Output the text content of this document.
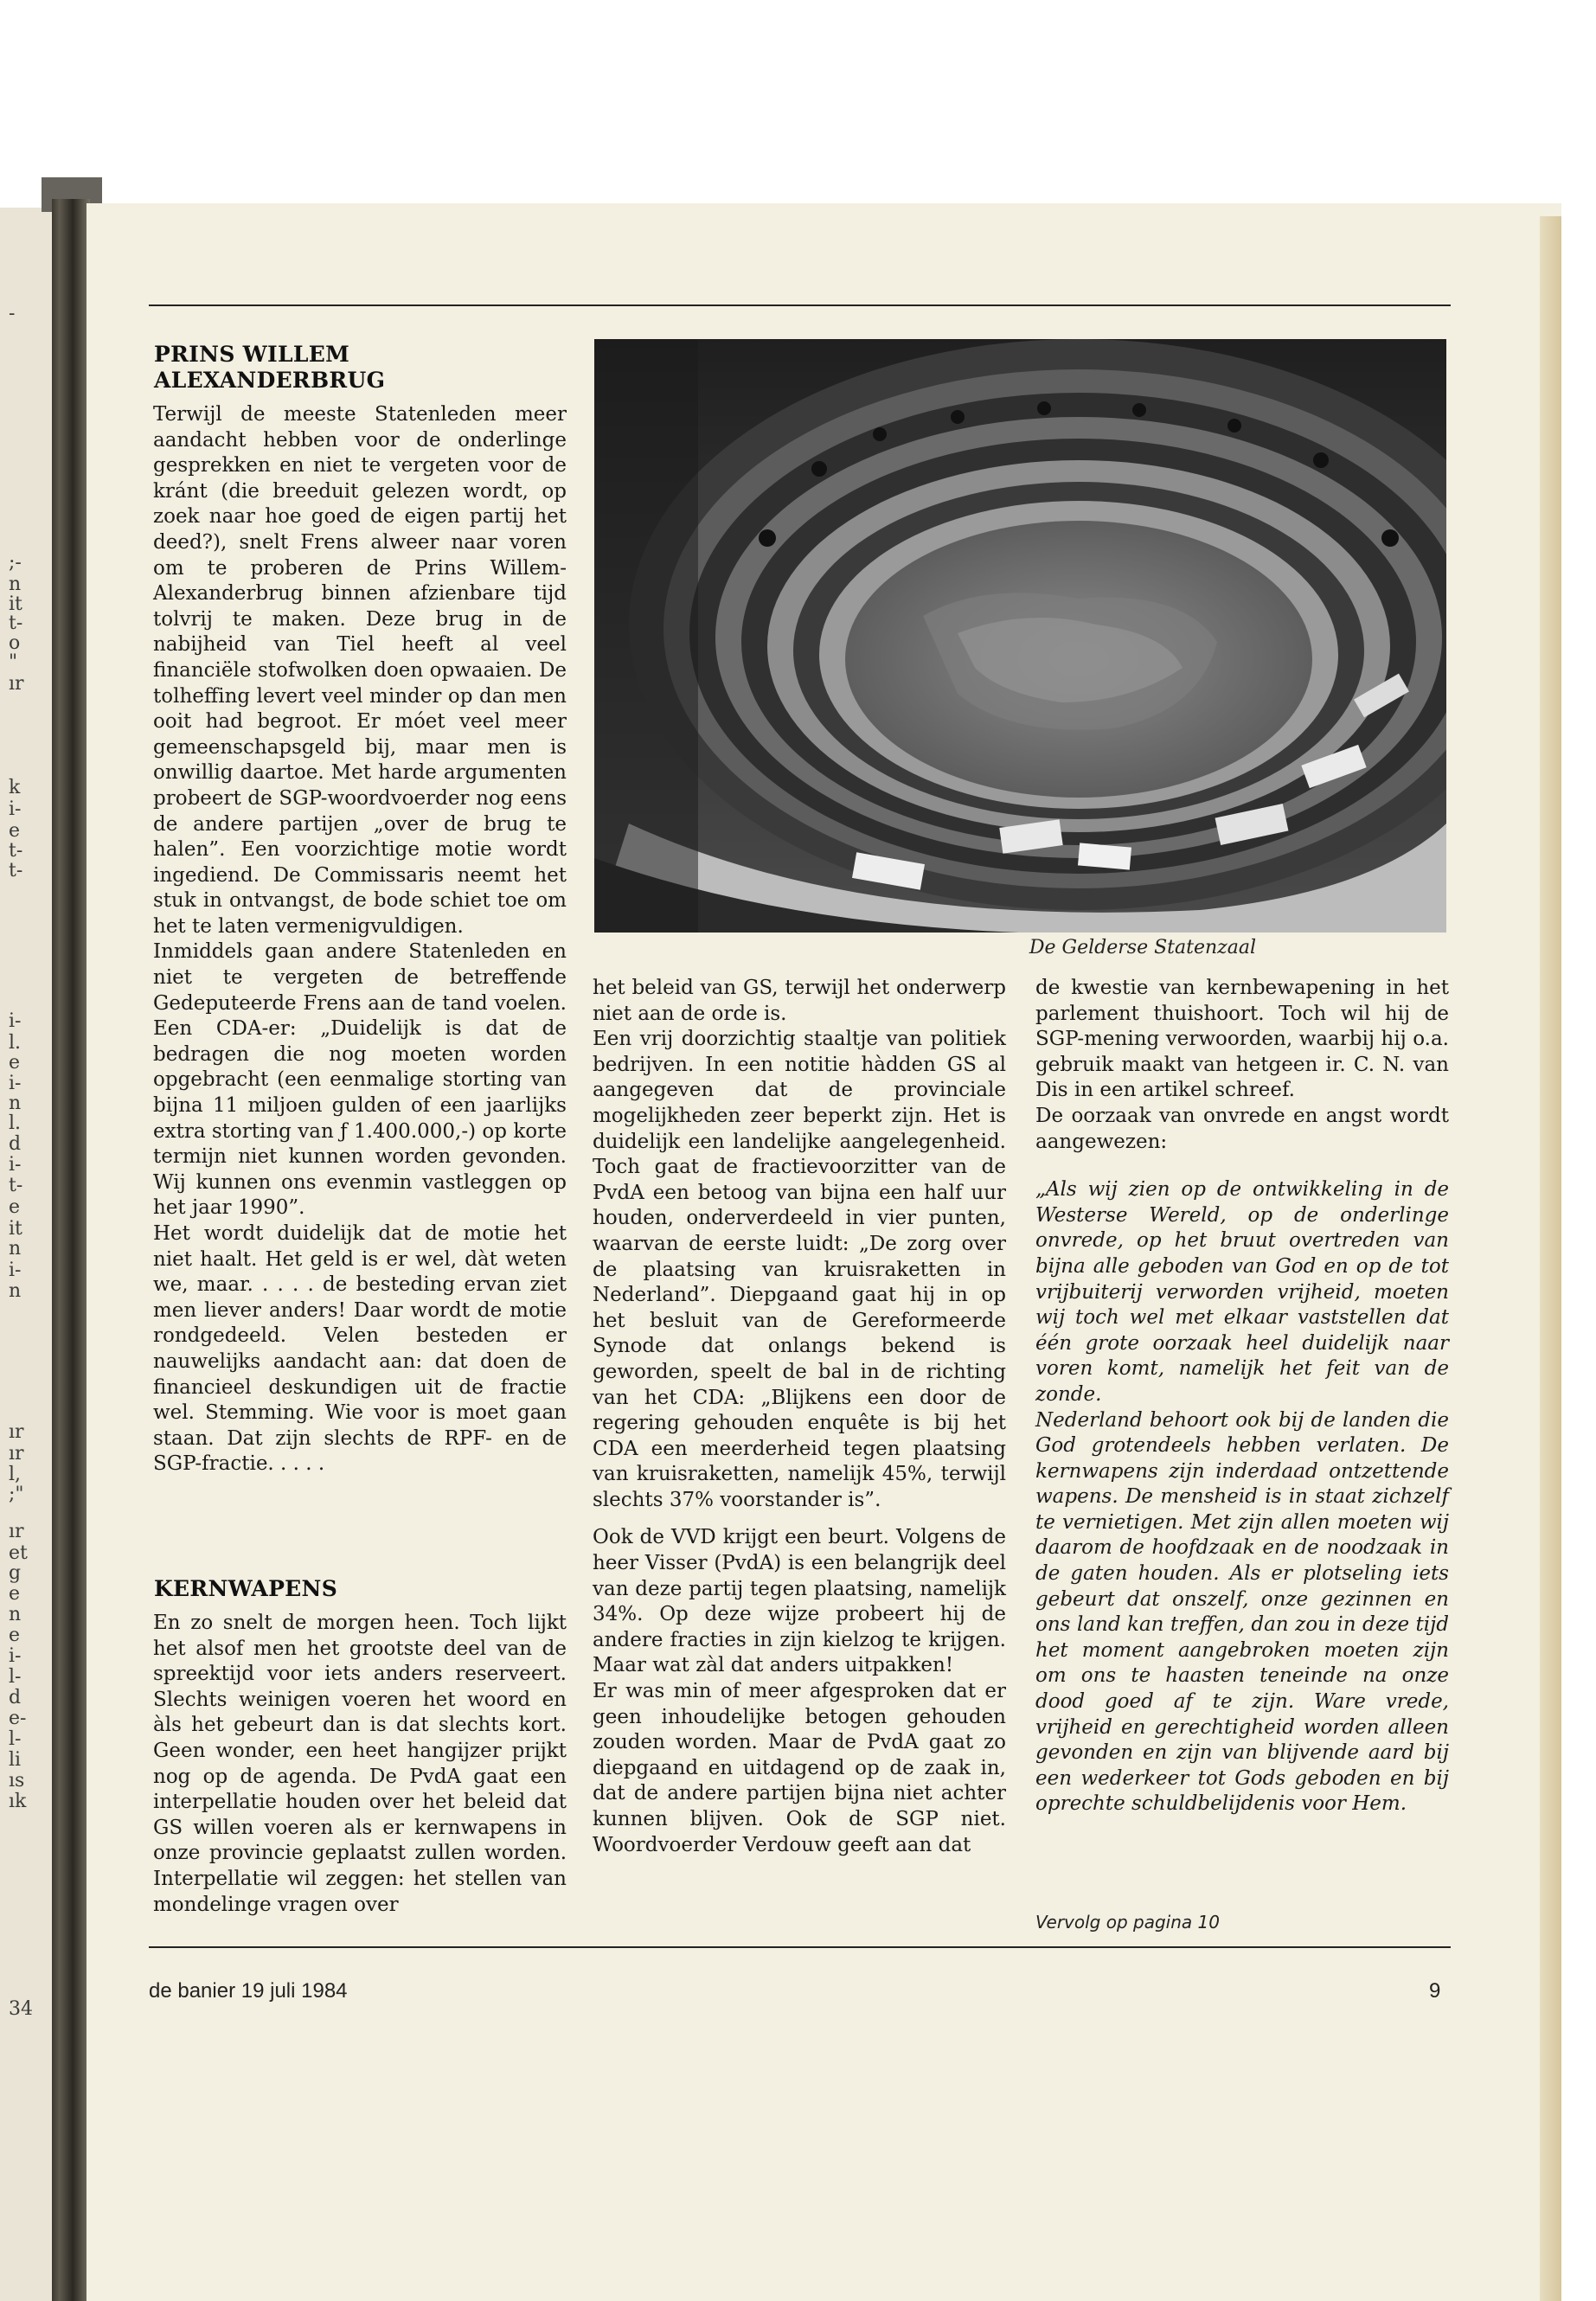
-
;-
n
it
t-
o
"
ır
k
i-
e
t-
t-
i-
l.
e
i-
n
l.
d
i-
t-
e
it
n
i-
n
ır
ır
l,
;"
ır
et
g
e
n
e
i-
l-
d
e-
l-
li
ıs
ık
34
PRINS WILLEM
ALEXANDERBRUG

Terwijl de meeste Statenleden meer aandacht hebben voor de onderlinge gesprekken en niet te vergeten voor de kránt (die breeduit gelezen wordt, op zoek naar hoe goed de eigen partij het deed?), snelt Frens alweer naar voren om te proberen de Prins Willem-Alexanderbrug binnen afzienbare tijd tolvrij te maken. Deze brug in de nabijheid van Tiel heeft al veel financiële stofwolken doen opwaaien. De tolheffing levert veel minder op dan men ooit had begroot. Er móet veel meer gemeenschapsgeld bij, maar men is onwillig daartoe. Met harde argumenten probeert de SGP-woordvoerder nog eens de andere partijen „over de brug te halen”. Een voorzichtige motie wordt ingediend. De Commissaris neemt het stuk in ontvangst, de bode schiet toe om het te laten vermenigvuldigen.

Inmiddels gaan andere Statenleden en niet te vergeten de betreffende Gedeputeerde Frens aan de tand voelen. Een CDA-er: „Duidelijk is dat de bedragen die nog moeten worden opgebracht (een eenmalige storting van bijna 11 miljoen gulden of een jaarlijks extra storting van ƒ 1.400.000,-) op korte termijn niet kunnen worden gevonden. Wij kunnen ons evenmin vastleggen op het jaar 1990”.

Het wordt duidelijk dat de motie het niet haalt. Het geld is er wel, dàt weten we, maar. . . . . de besteding ervan ziet men liever anders! Daar wordt de motie rondgedeeld. Velen besteden er nauwelijks aandacht aan: dat doen de financieel deskundigen uit de fractie wel. Stemming. Wie voor is moet gaan staan. Dat zijn slechts de RPF- en de SGP-fractie. . . . .

KERNWAPENS

En zo snelt de morgen heen. Toch lijkt het alsof men het grootste deel van de spreektijd voor iets anders reserveert. Slechts weinigen voeren het woord en àls het gebeurt dan is dat slechts kort. Geen wonder, een heet hangijzer prijkt nog op de agenda. De PvdA gaat een interpellatie houden over het beleid dat GS willen voeren als er kernwapens in onze provincie geplaatst zullen worden. Interpellatie wil zeggen: het stellen van mondelinge vragen over

De Gelderse Statenzaal

het beleid van GS, terwijl het onderwerp niet aan de orde is.

Een vrij doorzichtig staaltje van politiek bedrijven. In een notitie hàdden GS al aangegeven dat de provinciale mogelijkheden zeer beperkt zijn. Het is duidelijk een landelijke aangelegenheid. Toch gaat de fractievoorzitter van de PvdA een betoog van bijna een half uur houden, onderverdeeld in vier punten, waarvan de eerste luidt: „De zorg over de plaatsing van kruisraketten in Nederland”. Diepgaand gaat hij in op het besluit van de Gereformeerde Synode dat onlangs bekend is geworden, speelt de bal in de richting van het CDA: „Blijkens een door de regering gehouden enquête is bij het CDA een meerderheid tegen plaatsing van kruisraketten, namelijk 45%, terwijl slechts 37% voorstander is”.

Ook de VVD krijgt een beurt. Volgens de heer Visser (PvdA) is een belangrijk deel van deze partij tegen plaatsing, namelijk 34%. Op deze wijze probeert hij de andere fracties in zijn kielzog te krijgen. Maar wat zàl dat anders uitpakken!

Er was min of meer afgesproken dat er geen inhoudelijke betogen gehouden zouden worden. Maar de PvdA gaat zo diepgaand en uitdagend op de zaak in, dat de andere partijen bijna niet achter kunnen blijven. Ook de SGP niet. Woordvoerder Verdouw geeft aan dat

de kwestie van kernbewapening in het parlement thuishoort. Toch wil hij de SGP-mening verwoorden, waarbij hij o.a. gebruik maakt van hetgeen ir. C. N. van Dis in een artikel schreef.

De oorzaak van onvrede en angst wordt aangewezen:

„Als wij zien op de ontwikkeling in de Westerse Wereld, op de onderlinge onvrede, op het bruut overtreden van bijna alle geboden van God en op de tot vrijbuiterij verworden vrijheid, moeten wij toch wel met elkaar vaststellen dat één grote oorzaak heel duidelijk naar voren komt, namelijk het feit van de zonde.

Nederland behoort ook bij de landen die God grotendeels hebben verlaten. De kernwapens zijn inderdaad ontzettende wapens. De mensheid is in staat zichzelf te vernietigen. Met zijn allen moeten wij daarom de hoofdzaak en de noodzaak in de gaten houden. Als er plotseling iets gebeurt dat onszelf, onze gezinnen en ons land kan treffen, dan zou in deze tijd het moment aangebroken moeten zijn om ons te haasten teneinde na onze dood goed af te zijn. Ware vrede, vrijheid en gerechtigheid worden alleen gevonden en zijn van blijvende aard bij een wederkeer tot Gods geboden en bij oprechte schuldbelijdenis voor Hem.

Vervolg op pagina 10
de banier 19 juli 1984	9
